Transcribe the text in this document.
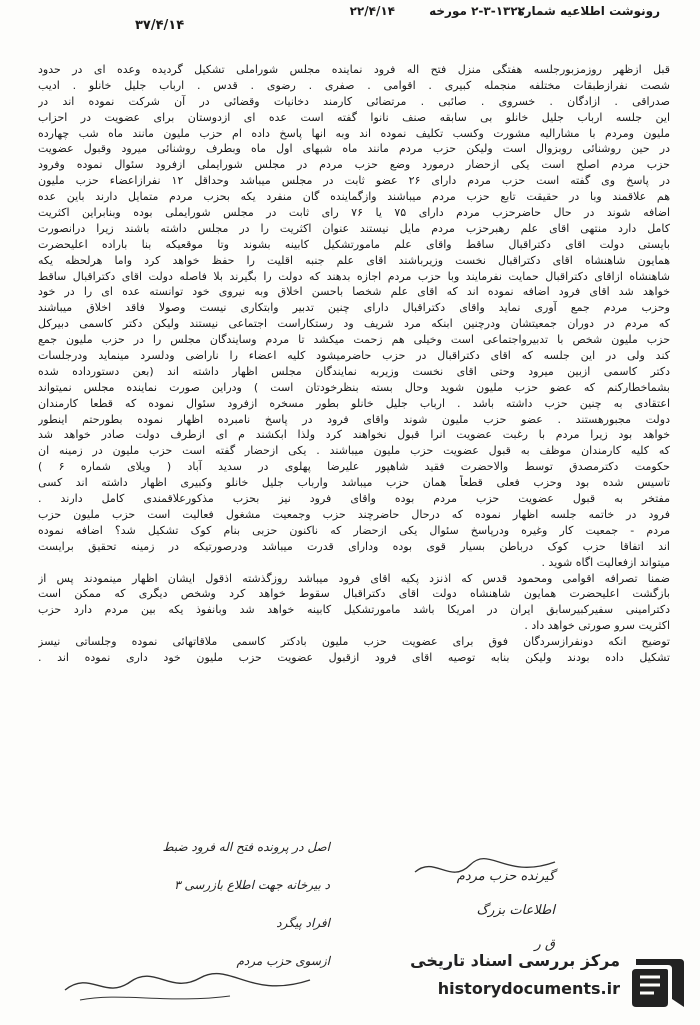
رونوشت اطلاعیه شماره
۲-۳-۱۳۲۲ مورخه
۲۲/۴/۱۴
۳۷/۴/۱۴
قبل ازظهر روزمزبورجلسه هفتگی منزل فتح اله فرود نماینده مجلس شوراملی تشکیل گردیده وعده ای در حدود
شصت نفرازطبقات مختلفه منجمله کبیری . اقوامی . صفری . رضوی . قدس . ارباب جلیل خانلو . ادیب
صدراقی . ازادگان . خسروی . صائبی . مرتضائی کارمند دخانیات وقضائی در آن شرکت نموده اند در
این جلسه ارباب جلیل خانلو بی سابقه صنف نانوا گفته است عده ای ازدوستان برای عضویت در احزاب
ملیون ومردم با مشارالیه مشورت وکسب تکلیف نموده اند وبه انها پاسخ داده ام حزب ملیون مانند ماه شب چهارده
در حین روشنائی روبزوال است ولیکن حزب مردم مانند ماه شبهای اول ماه وبطرف روشنائی میرود وقبول عضویت
حزب مردم اصلح است یکی ازحضار درمورد وضع حزب مردم در مجلس شورایملی ازفرود سئوال نموده وفرود
در پاسخ وی گفته است حزب مردم دارای ۲۶ عضو ثابت در مجلس میباشد وحداقل ۱۲ نفرازاعضاء حزب ملیون
هم علاقمند وبا در حقیقت تابع حزب مردم میباشند وازگماینده گان منفرد یکه بحزب مردم متمایل دارند باین عده
اضافه شوند در حال حاضرحزب مردم دارای ۷۵ یا ۷۶ رای ثابت در مجلس شورایملی بوده وبنابراین اکثریت
کامل دارد منتهی اقای علم رهبرحزب مردم مایل نیستند عنوان اکثریت را در مجلس داشته باشند زیرا درانصورت
بایستی دولت اقای دکتراقبال ساقط واقای علم مامورتشکیل کابینه بشوند وتا موقعیکه بنا باراده اعلیحضرت
همایون شاهنشاه اقای دکتراقبال نخست وزیرباشند اقای علم جنبه اقلیت را حفظ خواهد کرد واما هرلحظه یکه
شاهنشاه ازاقای دکتراقبال حمایت نفرمایند وبا حزب مردم اجازه بدهند که دولت را بگیرند بلا فاصله دولت اقای دکتراقبال ساقط
خواهد شد اقای فرود اضافه نموده اند که اقای علم شخصا باحسن اخلاق وبه نیروی خود توانسته عده ای را در خود
وحزب مردم جمع آوری نماید واقای دکتراقبال دارای چنین تدبیر وابتکاری نیست وصولا فاقد اخلاق میباشند
که مردم در دوران جمعیتشان ودرچنین ابنکه مرد شریف ود رستکاراست اجتماعی نیستند ولیکن دکتر کاسمی دبیرکل
حزب ملیون شخص با تدبیرواجتماعی است وخیلی هم زحمت میکشد تا مردم وسایندگان مجلس را در حزب ملیون جمع
کند ولی در این جلسه که اقای دکتراقبال در حزب حاضرمیشود کلیه اعضاء را ناراضی ودلسرد مینماید ودرجلسات
دکتر کاسمی ازبین میرود وحتی اقای نخست وزیربه نمایندگان مجلس اظهار داشته اند (بعن دستورداده شده
بشماخطارکنم که عضو حزب ملیون شوید وحال بسته بنظرخودتان است ) ودراین صورت نماینده مجلس نمیتواند
اعتقادی به چنین حزب داشته باشد . ارباب جلیل خانلو بطور مسخره ازفرود سئوال نموده که قطعا کارمندان
دولت مجبورهستند . عضو حزب ملیون شوند واقای فرود در پاسخ نامبرده اظهار نموده بطورحتم اینطور
خواهد بود زیرا مردم با رغبت عضویت انرا قبول نخواهند کرد ولذا ابکشند م ای ازطرف دولت صادر خواهد شد
که کلیه کارمندان موظف به قبول عضویت حزب ملیون میباشند . یکی ازحضار گفته است حزب ملیون در زمینه ان
حکومت دکترمصدق توسط والاحضرت فقید شاهپور علیرضا پهلوی در سدید آباد ( ویلای شماره ۶ )
تاسیس شده بود وحزب فعلی قطعاً همان حزب میباشد وارباب جلیل خانلو وکبیری اظهار داشته اند کسی
مفتخر به قبول عضویت حزب مردم بوده واقای فرود نیز بحزب مذکورعلاقمندی کامل دارند .
فرود در خاتمه جلسه اظهار نموده که درحال حاضرچند حزب وجمعیت مشغول فعالیت است حزب ملیون حزب
مردم - جمعیت کار وغیره ودرپاسخ سئوال یکی ازحضار که ناکنون حزبی بنام کوک تشکیل شد؟ اضافه نموده
اند اتفاقا حزب کوک درباطن بسیار قوی بوده ودارای قدرت میباشد ودرصورتیکه در زمینه تحقیق برایست
میتواند ازفعالیت اگاه شوید .
ضمنا تصرافه اقوامی ومحمود قدس که اذنزد پکیه اقای فرود میباشد روزگذشته اذقول ایشان اظهار مینمودند پس از
بازگشت اعلیحضرت همایون شاهنشاه دولت اقای دکتراقبال سقوط خواهد کرد وشخص دیگری که ممکن است
دکترامینی سفیرکبیرسابق ایران در امریکا باشد مامورتشکیل کابینه خواهد شد وبانفوذ یکه بین مردم دارد حزب
اکثریت سرو صورتی خواهد داد .
توضیح انکه دونفرازسردگان فوق برای عضویت حزب ملیون بادکتر کاسمی ملاقاتهائی نموده وجلساتی نیسز
تشکیل داده بودند ولیکن بنابه توصیه اقای فرود ازقبول عضویت حزب ملیون خود داری نموده اند .
اصل در پرونده فتح اله فرود ضبط
د بیرخانه جهت اطلاع بازرسی ۳
افراد پیگرد
ازسوی حزب مردم
گیرنده حزب مردم
اطلاعات بزرگ
ق ر
مرکز بررسی اسناد تاریخی
historydocuments.ir
